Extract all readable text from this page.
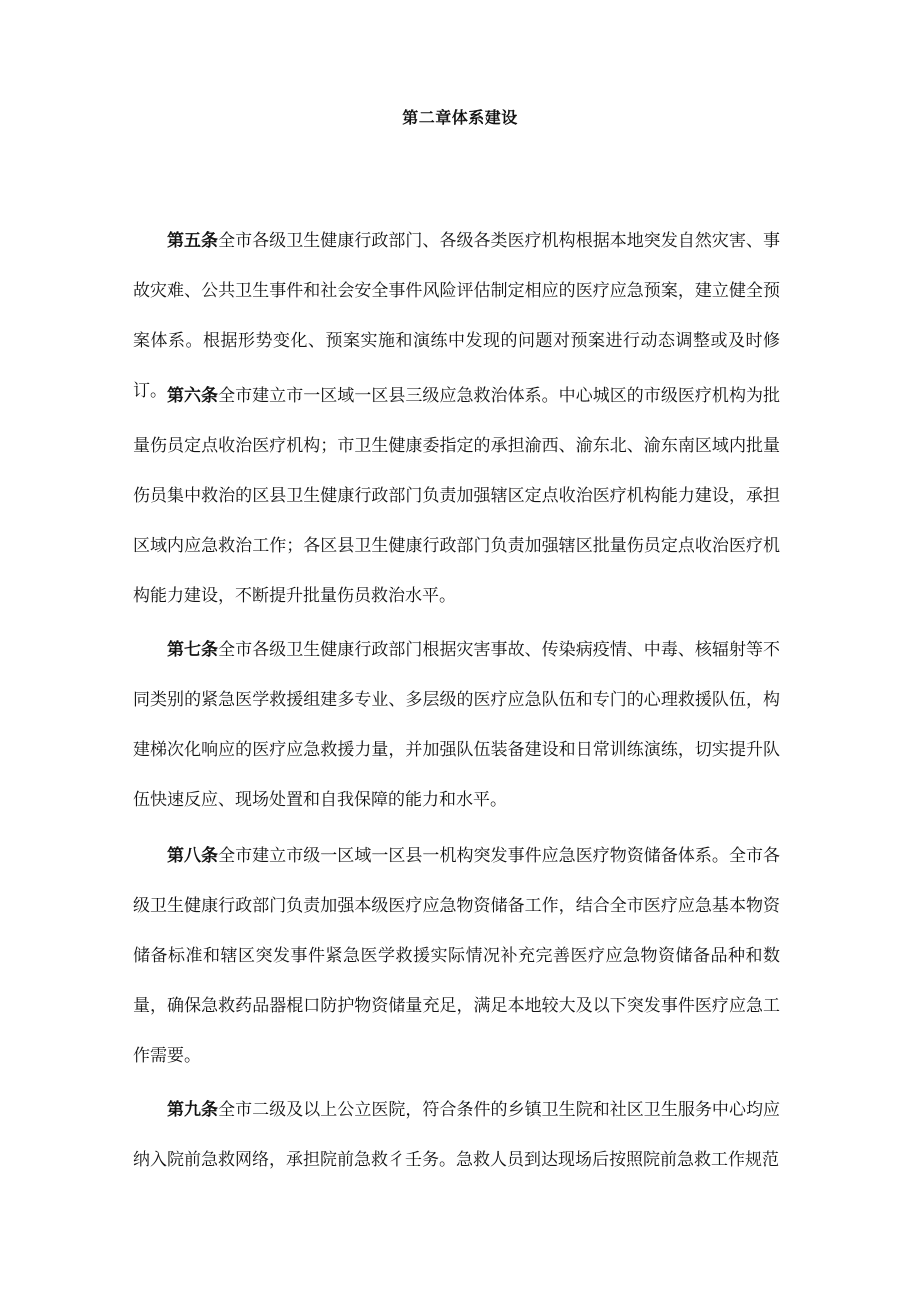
第二章体系建设

第五条全市各级卫生健康行政部门、各级各类医疗机构根据本地突发自然灾害、事故灾难、公共卫生事件和社会安全事件风险评估制定相应的医疗应急预案，建立健全预案体系。根据形势变化、预案实施和演练中发现的问题对预案进行动态调整或及时修订。 第六条全市建立市一区域一区县三级应急救治体系。中心城区的市级医疗机构为批量伤员定点收治医疗机构；市卫生健康委指定的承担渝西、渝东北、渝东南区域内批量伤员集中救治的区县卫生健康行政部门负责加强辖区定点收治医疗机构能力建设，承担区域内应急救治工作；各区县卫生健康行政部门负责加强辖区批量伤员定点收治医疗机构能力建设，不断提升批量伤员救治水平。

第七条全市各级卫生健康行政部门根据灾害事故、传染病疫情、中毒、核辐射等不同类别的紧急医学救援组建多专业、多层级的医疗应急队伍和专门的心理救援队伍，构建梯次化响应的医疗应急救援力量，并加强队伍装备建设和日常训练演练，切实提升队伍快速反应、现场处置和自我保障的能力和水平。

第八条全市建立市级一区域一区县一机构突发事件应急医疗物资储备体系。全市各级卫生健康行政部门负责加强本级医疗应急物资储备工作，结合全市医疗应急基本物资储备标准和辖区突发事件紧急医学救援实际情况补充完善医疗应急物资储备品种和数量，确保急救药品器棍口防护物资储量充足，满足本地较大及以下突发事件医疗应急工作需要。

第九条全市二级及以上公立医院，符合条件的乡镇卫生院和社区卫生服务中心均应纳入院前急救网络，承担院前急救彳壬务。急救人员到达现场后按照院前急救工作规范
